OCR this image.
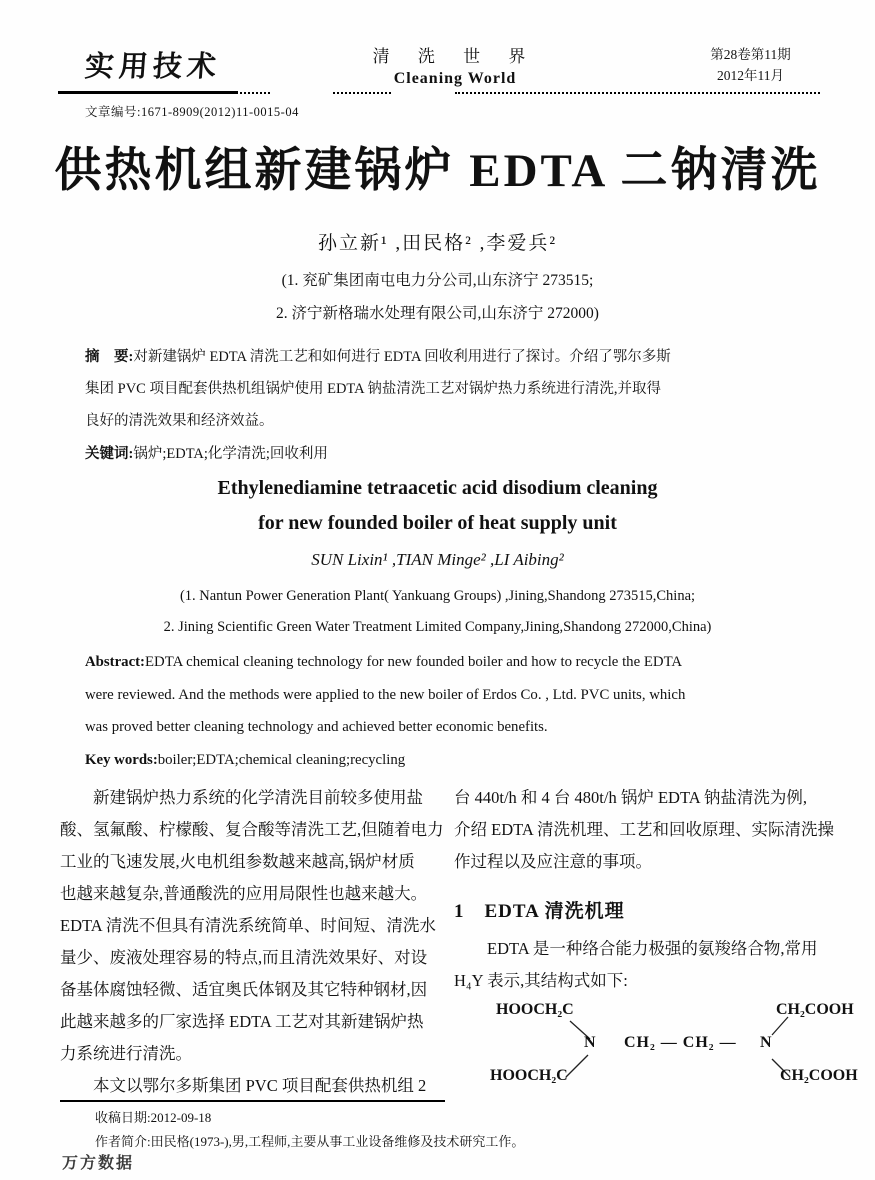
实用技术	清 洗 世 界
Cleaning World
第28卷第11期
2012年11月
文章编号:1671-8909(2012)11-0015-04
供热机组新建锅炉 EDTA 二钠清洗
孙立新¹ ,田民格² ,李爱兵²
(1. 兖矿集团南屯电力分公司,山东济宁 273515;
2. 济宁新格瑞水处理有限公司,山东济宁 272000)
摘　要:对新建锅炉 EDTA 清洗工艺和如何进行 EDTA 回收利用进行了探讨。介绍了鄂尔多斯
集团 PVC 项目配套供热机组锅炉使用 EDTA 钠盐清洗工艺对锅炉热力系统进行清洗,并取得
良好的清洗效果和经济效益。
关键词:锅炉;EDTA;化学清洗;回收利用
Ethylenediamine tetraacetic acid disodium cleaning
for new founded boiler of heat supply unit
SUN Lixin¹ ,TIAN Minge² ,LI Aibing²
(1. Nantun Power Generation Plant( Yankuang Groups) ,Jining,Shandong 273515,China;
2. Jining Scientific Green Water Treatment Limited Company,Jining,Shandong 272000,China)
Abstract:EDTA chemical cleaning technology for new founded boiler and how to recycle the EDTA
were reviewed. And the methods were applied to the new boiler of Erdos Co. , Ltd. PVC units, which
was proved better cleaning technology and achieved better economic benefits.
Key words:boiler;EDTA;chemical cleaning;recycling
　　新建锅炉热力系统的化学清洗目前较多使用盐
酸、氢氟酸、柠檬酸、复合酸等清洗工艺,但随着电力
工业的飞速发展,火电机组参数越来越高,锅炉材质
也越来越复杂,普通酸洗的应用局限性也越来越大。
EDTA 清洗不但具有清洗系统简单、时间短、清洗水
量少、废液处理容易的特点,而且清洗效果好、对设
备基体腐蚀轻微、适宜奥氏体钢及其它特种钢材,因
此越来越多的厂家选择 EDTA 工艺对其新建锅炉热
力系统进行清洗。
　　本文以鄂尔多斯集团 PVC 项目配套供热机组 2
台 440t/h 和 4 台 480t/h 锅炉 EDTA 钠盐清洗为例,
介绍 EDTA 清洗机理、工艺和回收原理、实际清洗操
作过程以及应注意的事项。
1　EDTA 清洗机理
　　EDTA 是一种络合能力极强的氨羧络合物,常用
H₄Y 表示,其结构式如下:
HOOCH₂C
HOOCH₂C
N CH₂ — CH₂ — N
CH₂COOH
CH₂COOH
收稿日期:2012-09-18
作者简介:田民格(1973-),男,工程师,主要从事工业设备维修及技术研究工作。
万方数据
